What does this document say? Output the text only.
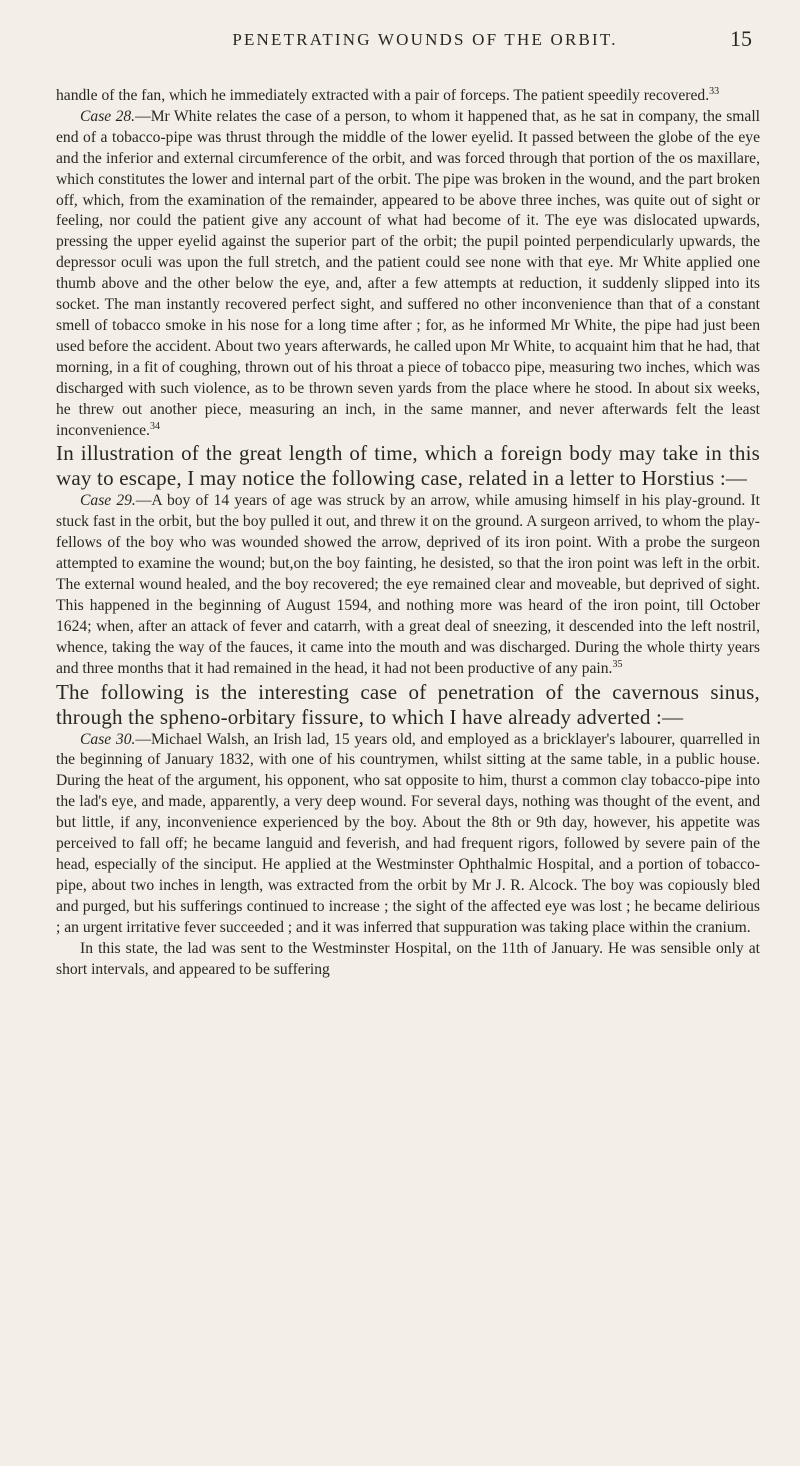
PENETRATING WOUNDS OF THE ORBIT.	15

handle of the fan, which he immediately extracted with a pair of forceps. The patient speedily recovered.$^{33}$

Case 28.—Mr White relates the case of a person, to whom it happened that, as he sat in company, the small end of a tobacco-pipe was thrust through the middle of the lower eyelid. It passed between the globe of the eye and the inferior and external circumference of the orbit, and was forced through that portion of the os maxillare, which constitutes the lower and internal part of the orbit. The pipe was broken in the wound, and the part broken off, which, from the examination of the remainder, appeared to be above three inches, was quite out of sight or feeling, nor could the patient give any account of what had become of it. The eye was dislocated upwards, pressing the upper eyelid against the superior part of the orbit; the pupil pointed perpendicularly upwards, the depressor oculi was upon the full stretch, and the patient could see none with that eye. Mr White applied one thumb above and the other below the eye, and, after a few attempts at reduction, it suddenly slipped into its socket. The man instantly recovered perfect sight, and suffered no other inconvenience than that of a constant smell of tobacco smoke in his nose for a long time after ; for, as he informed Mr White, the pipe had just been used before the accident. About two years afterwards, he called upon Mr White, to acquaint him that he had, that morning, in a fit of coughing, thrown out of his throat a piece of tobacco pipe, measuring two inches, which was discharged with such violence, as to be thrown seven yards from the place where he stood. In about six weeks, he threw out another piece, measuring an inch, in the same manner, and never afterwards felt the least inconvenience.$^{34}$

In illustration of the great length of time, which a foreign body may take in this way to escape, I may notice the following case, related in a letter to Horstius :—

Case 29.—A boy of 14 years of age was struck by an arrow, while amusing himself in his play-ground. It stuck fast in the orbit, but the boy pulled it out, and threw it on the ground. A surgeon arrived, to whom the play-fellows of the boy who was wounded showed the arrow, deprived of its iron point. With a probe the surgeon attempted to examine the wound; but,on the boy fainting, he desisted, so that the iron point was left in the orbit. The external wound healed, and the boy recovered; the eye remained clear and moveable, but deprived of sight. This happened in the beginning of August 1594, and nothing more was heard of the iron point, till October 1624; when, after an attack of fever and catarrh, with a great deal of sneezing, it descended into the left nostril, whence, taking the way of the fauces, it came into the mouth and was discharged. During the whole thirty years and three months that it had remained in the head, it had not been productive of any pain.$^{35}$

The following is the interesting case of penetration of the cavernous sinus, through the spheno-orbitary fissure, to which I have already adverted :—

Case 30.—Michael Walsh, an Irish lad, 15 years old, and employed as a bricklayer's labourer, quarrelled in the beginning of January 1832, with one of his countrymen, whilst sitting at the same table, in a public house. During the heat of the argument, his opponent, who sat opposite to him, thurst a common clay tobacco-pipe into the lad's eye, and made, apparently, a very deep wound. For several days, nothing was thought of the event, and but little, if any, inconvenience experienced by the boy. About the 8th or 9th day, however, his appetite was perceived to fall off; he became languid and feverish, and had frequent rigors, followed by severe pain of the head, especially of the sinciput. He applied at the Westminster Ophthalmic Hospital, and a portion of tobacco-pipe, about two inches in length, was extracted from the orbit by Mr J. R. Alcock. The boy was copiously bled and purged, but his sufferings continued to increase ; the sight of the affected eye was lost ; he became delirious ; an urgent irritative fever succeeded ; and it was inferred that suppuration was taking place within the cranium.

In this state, the lad was sent to the Westminster Hospital, on the 11th of January. He was sensible only at short intervals, and appeared to be suffering
